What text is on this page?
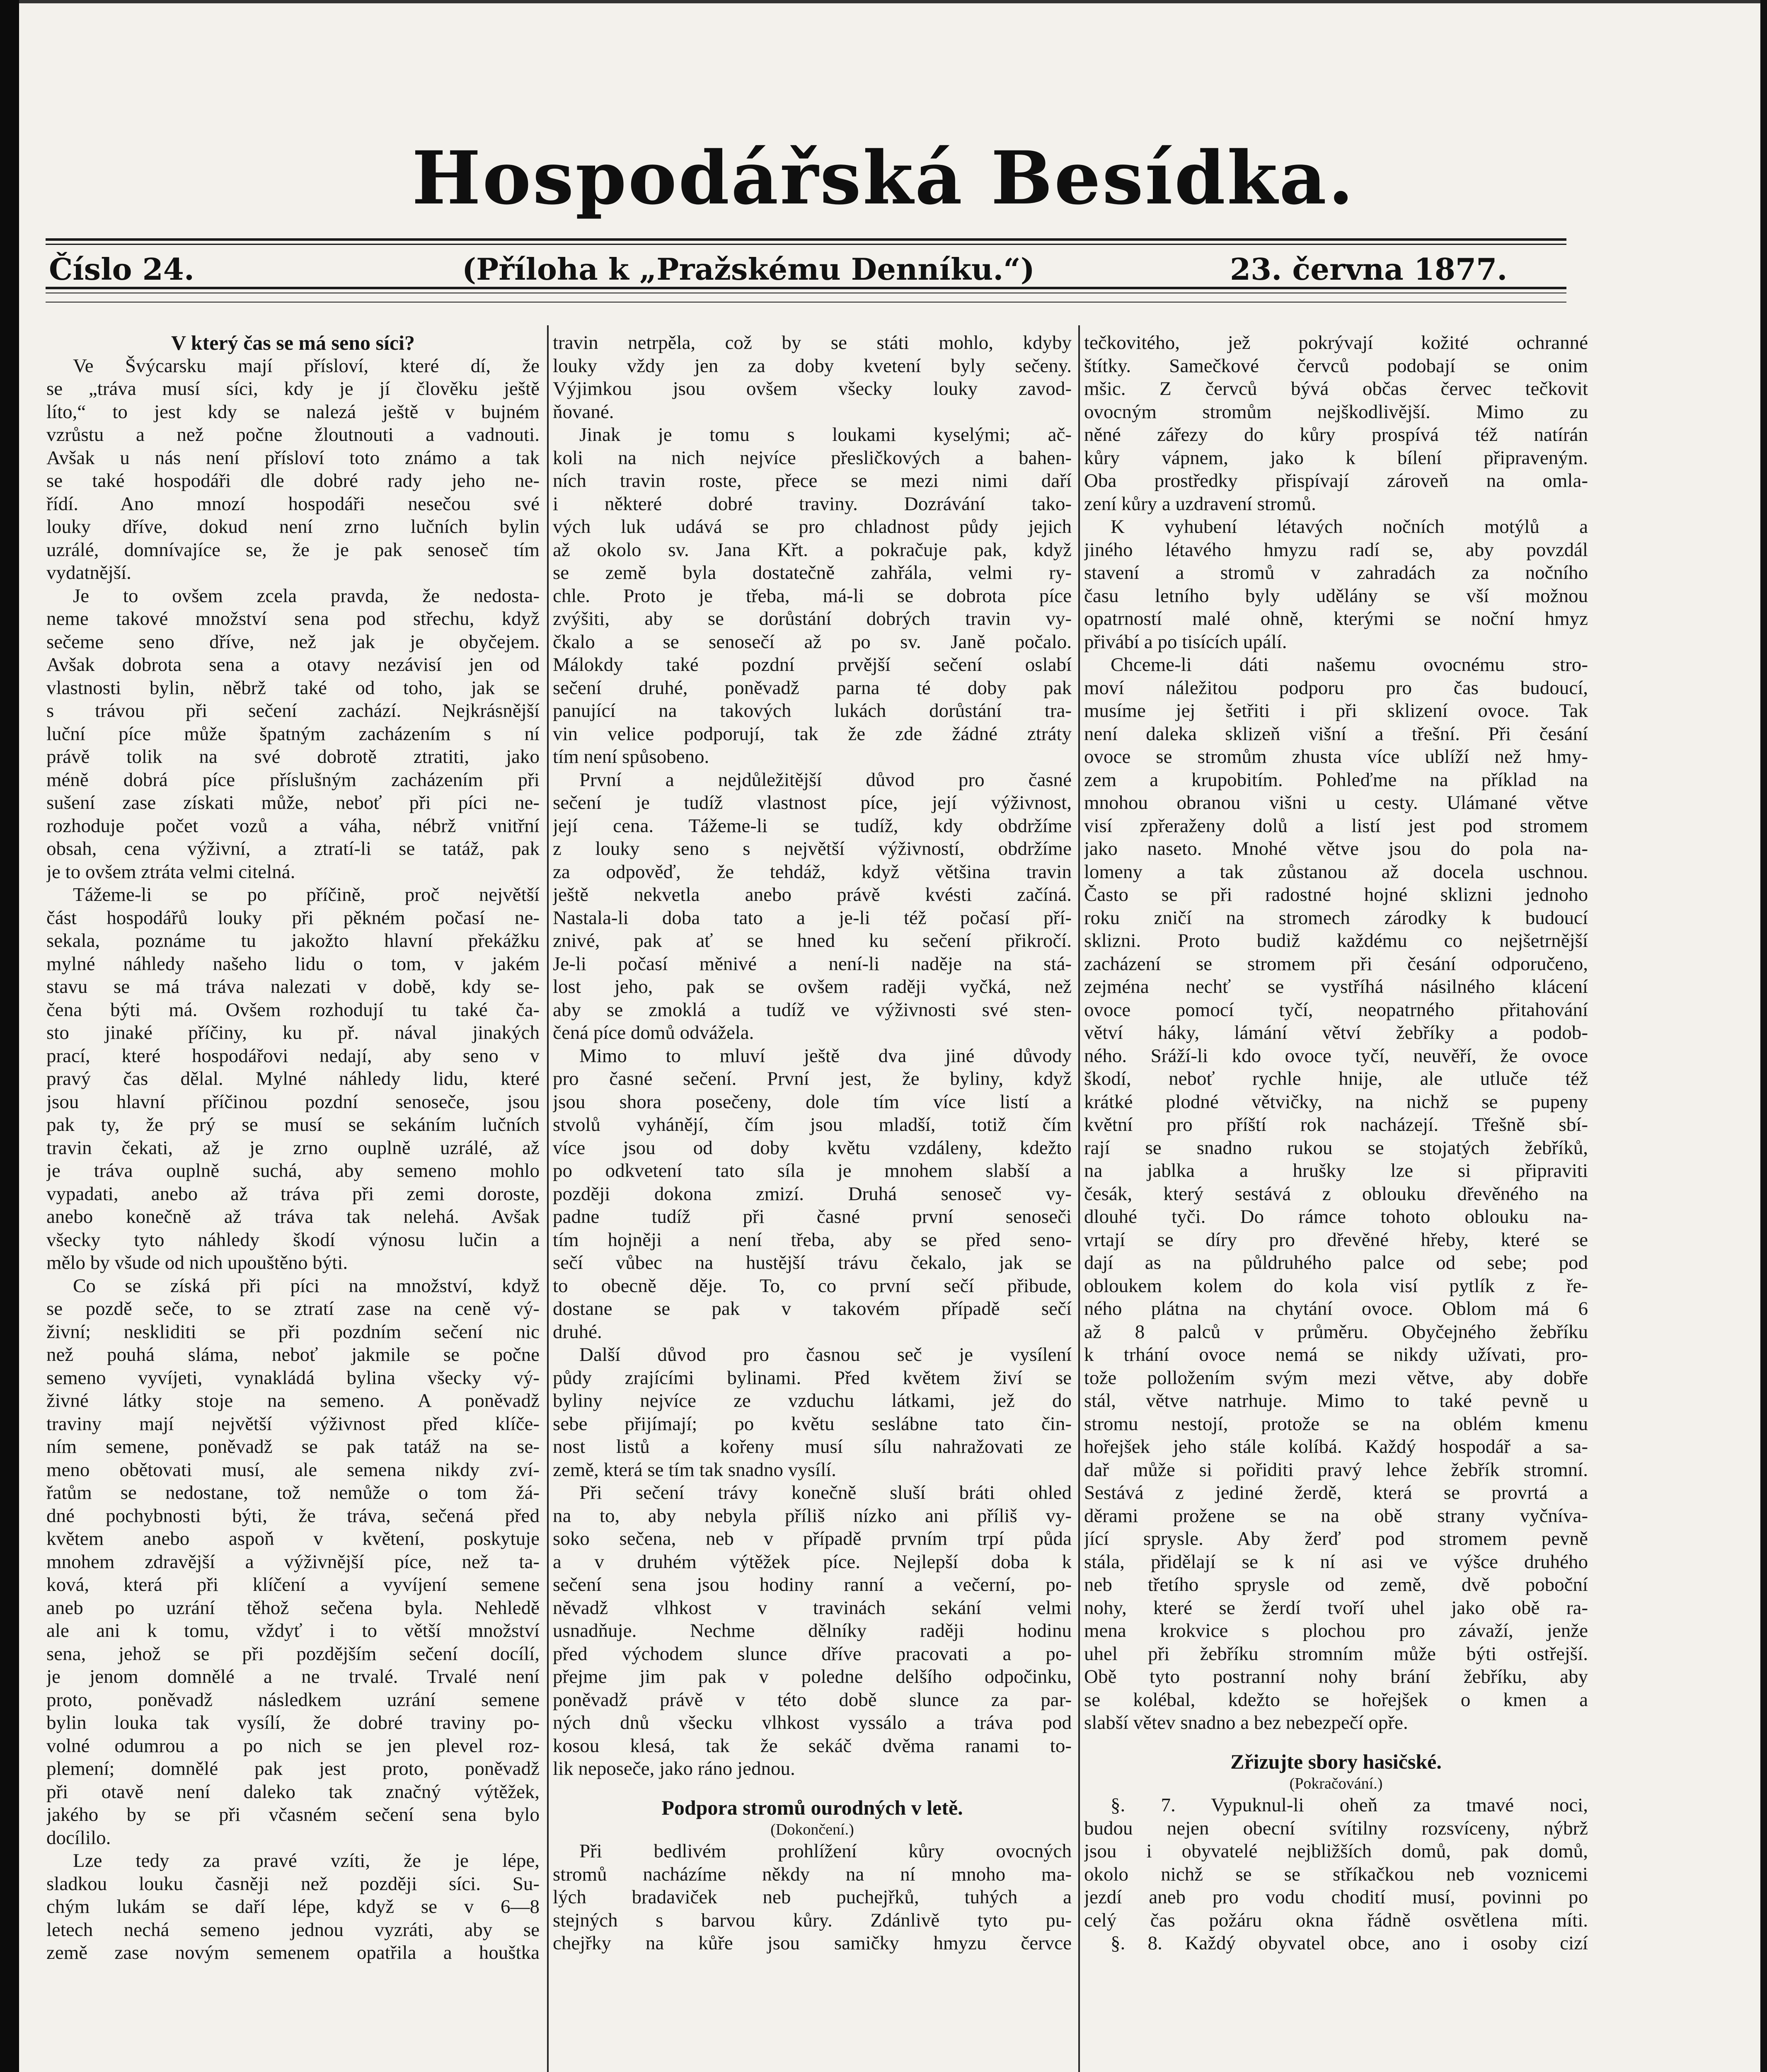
Hospodářská Besídka.
Číslo 24.	(Příloha k „Pražskému Denníku.“)	23. června 1877.
V který čas se má seno síci?
Ve Švýcarsku mají přísloví, které dí, že
se „tráva musí síci, kdy je jí člověku ještě
líto,“ to jest kdy se nalezá ještě v bujném
vzrůstu a než počne žloutnouti a vadnouti.
Avšak u nás není přísloví toto známo a tak
se také hospodáři dle dobré rady jeho ne-
řídí. Ano mnozí hospodáři nesečou své
louky dříve, dokud není zrno lučních bylin
uzrálé, domnívajíce se, že je pak senoseč tím
vydatnější.
Je to ovšem zcela pravda, že nedosta-
neme takové množství sena pod střechu, když
sečeme seno dříve, než jak je obyčejem.
Avšak dobrota sena a otavy nezávisí jen od
vlastnosti bylin, něbrž také od toho, jak se
s trávou při sečení zachází. Nejkrásnější
luční píce může špatným zacházením s ní
právě tolik na své dobrotě ztratiti, jako
méně dobrá píce příslušným zacházením při
sušení zase získati může, neboť při píci ne-
rozhoduje počet vozů a váha, nébrž vnitřní
obsah, cena výživní, a ztratí-li se tatáž, pak
je to ovšem ztráta velmi citelná.
Tážeme-li se po příčině, proč největší
část hospodářů louky při pěkném počasí ne-
sekala, poznáme tu jakožto hlavní překážku
mylné náhledy našeho lidu o tom, v jakém
stavu se má tráva nalezati v době, kdy se-
čena býti má. Ovšem rozhodují tu také ča-
sto jinaké příčiny, ku př. nával jinakých
prací, které hospodářovi nedají, aby seno v
pravý čas dělal. Mylné náhledy lidu, které
jsou hlavní příčinou pozdní senoseče, jsou
pak ty, že prý se musí se sekáním lučních
travin čekati, až je zrno ouplně uzrálé, až
je tráva ouplně suchá, aby semeno mohlo
vypadati, anebo až tráva při zemi doroste,
anebo konečně až tráva tak nelehá. Avšak
všecky tyto náhledy škodí výnosu lučin a
mělo by všude od nich upouštěno býti.
Co se získá při píci na množství, když
se pozdě seče, to se ztratí zase na ceně vý-
živní; neskliditi se při pozdním sečení nic
než pouhá sláma, neboť jakmile se počne
semeno vyvíjeti, vynakládá bylina všecky vý-
živné látky stoje na semeno. A poněvadž
traviny mají největší výživnost před klíče-
ním semene, poněvadž se pak tatáž na se-
meno obětovati musí, ale semena nikdy zví-
řatům se nedostane, tož nemůže o tom žá-
dné pochybnosti býti, že tráva, sečená před
květem anebo aspoň v květení, poskytuje
mnohem zdravější a výživnější píce, než ta-
ková, která při klíčení a vyvíjení semene
aneb po uzrání těhož sečena byla. Nehledě
ale ani k tomu, vždyť i to větší množství
sena, jehož se při pozdějším sečení docílí,
je jenom domnělé a ne trvalé. Trvalé není
proto, poněvadž následkem uzrání semene
bylin louka tak vysílí, že dobré traviny po-
volné odumrou a po nich se jen plevel roz-
plemení; domnělé pak jest proto, poněvadž
při otavě není daleko tak značný výtěžek,
jakého by se při včasném sečení sena bylo
docílilo.
Lze tedy za pravé vzíti, že je lépe,
sladkou louku časněji než později síci. Su-
chým lukám se daří lépe, když se v 6—8
letech nechá semeno jednou vyzráti, aby se
země zase novým semenem opatřila a houštka
travin netrpěla, což by se státi mohlo, kdyby
louky vždy jen za doby kvetení byly sečeny.
Výjimkou jsou ovšem všecky louky zavod-
ňované.
Jinak je tomu s loukami kyselými; ač-
koli na nich nejvíce přesličkových a bahen-
ních travin roste, přece se mezi nimi daří
i některé dobré traviny. Dozrávání tako-
vých luk udává se pro chladnost půdy jejich
až okolo sv. Jana Křt. a pokračuje pak, když
se země byla dostatečně zahřála, velmi ry-
chle. Proto je třeba, má-li se dobrota píce
zvýšiti, aby se dorůstání dobrých travin vy-
čkalo a se senosečí až po sv. Janě počalo.
Málokdy také pozdní prvější sečení oslabí
sečení druhé, poněvadž parna té doby pak
panující na takových lukách dorůstání tra-
vin velice podporují, tak že zde žádné ztráty
tím není spůsobeno.
První a nejdůležitější důvod pro časné
sečení je tudíž vlastnost píce, její výživnost,
její cena. Tážeme-li se tudíž, kdy obdržíme
z louky seno s největší výživností, obdržíme
za odpověď, že tehdáž, když většina travin
ještě nekvetla anebo právě kvésti začíná.
Nastala-li doba tato a je-li též počasí pří-
znivé, pak ať se hned ku sečení přikročí.
Je-li počasí měnivé a není-li naděje na stá-
lost jeho, pak se ovšem raději vyčká, než
aby se zmoklá a tudíž ve výživnosti své sten-
čená píce domů odvážela.
Mimo to mluví ještě dva jiné důvody
pro časné sečení. První jest, že byliny, když
jsou shora posečeny, dole tím více listí a
stvolů vyhánějí, čím jsou mladší, totiž čím
více jsou od doby květu vzdáleny, kdežto
po odkvetení tato síla je mnohem slabší a
později dokona zmizí. Druhá senoseč vy-
padne tudíž při časné první senoseči
tím hojněji a není třeba, aby se před seno-
sečí vůbec na hustější trávu čekalo, jak se
to obecně děje. To, co první sečí přibude,
dostane se pak v takovém případě sečí
druhé.
Další důvod pro časnou seč je vysílení
půdy zrajícími bylinami. Před květem živí se
byliny nejvíce ze vzduchu látkami, jež do
sebe přijímají; po květu seslábne tato čin-
nost listů a kořeny musí sílu nahražovati ze
země, která se tím tak snadno vysílí.
Při sečení trávy konečně sluší bráti ohled
na to, aby nebyla příliš nízko ani příliš vy-
soko sečena, neb v případě prvním trpí půda
a v druhém výtěžek píce. Nejlepší doba k
sečení sena jsou hodiny ranní a večerní, po-
něvadž vlhkost v travinách sekání velmi
usnadňuje. Nechme dělníky raději hodinu
před východem slunce dříve pracovati a po-
přejme jim pak v poledne delšího odpočinku,
poněvadž právě v této době slunce za par-
ných dnů všecku vlhkost vyssálo a tráva pod
kosou klesá, tak že sekáč dvěma ranami to-
lik neposeče, jako ráno jednou.
Podpora stromů ourodných v letě.
(Dokončení.)
Při bedlivém prohlížení kůry ovocných
stromů nacházíme někdy na ní mnoho ma-
lých bradaviček neb puchejřků, tuhých a
stejných s barvou kůry. Zdánlivě tyto pu-
chejřky na kůře jsou samičky hmyzu červce
tečkovitého, jež pokrývají kožité ochranné
štítky. Samečkové červců podobají se onim
mšic. Z červců bývá občas červec tečkovit
ovocným stromům nejškodlivější. Mimo zu
něné zářezy do kůry prospívá též natírán
kůry vápnem, jako k bílení připraveným.
Oba prostředky přispívají zároveň na omla-
zení kůry a uzdravení stromů.
K vyhubení létavých nočních motýlů a
jiného létavého hmyzu radí se, aby povzdál
stavení a stromů v zahradách za nočního
času letního byly udělány se vší možnou
opatrností malé ohně, kterými se noční hmyz
přivábí a po tisících upálí.
Chceme-li dáti našemu ovocnému stro-
moví náležitou podporu pro čas budoucí,
musíme jej šetřiti i při sklizení ovoce. Tak
není daleka sklizeň višní a třešní. Při česání
ovoce se stromům zhusta více ublíží než hmy-
zem a krupobitím. Pohleďme na příklad na
mnohou obranou višni u cesty. Ulámané větve
visí zpřeraženy dolů a listí jest pod stromem
jako naseto. Mnohé větve jsou do pola na-
lomeny a tak zůstanou až docela uschnou.
Často se při radostné hojné sklizni jednoho
roku zničí na stromech zárodky k budoucí
sklizni. Proto budiž každému co nejšetrnější
zacházení se stromem při česání odporučeno,
zejména nechť se vystříhá násilného klácení
ovoce pomocí tyčí, neopatrného přitahování
větví háky, lámání větví žebříky a podob-
ného. Sráží-li kdo ovoce tyčí, neuvěří, že ovoce
škodí, neboť rychle hnije, ale utluče též
krátké plodné větvičky, na nichž se pupeny
květní pro příští rok nacházejí. Třešně sbí-
rají se snadno rukou se stojatých žebříků,
na jablka a hrušky lze si připraviti
česák, který sestává z oblouku dřevěného na
dlouhé tyči. Do rámce tohoto oblouku na-
vrtají se díry pro dřevěné hřeby, které se
dají as na půldruhého palce od sebe; pod
obloukem kolem do kola visí pytlík z ře-
ného plátna na chytání ovoce. Oblom má 6
až 8 palců v průměru. Obyčejného žebříku
k trhání ovoce nemá se nikdy užívati, pro-
tože polložením svým mezi větve, aby dobře
stál, větve natrhuje. Mimo to také pevně u
stromu nestojí, protože se na oblém kmenu
hořejšek jeho stále kolíbá. Každý hospodář a sa-
dař může si pořiditi pravý lehce žebřík stromní.
Sestává z jediné žerdě, která se provrtá a
děrami prožene se na obě strany vyčníva-
jící sprysle. Aby žerď pod stromem pevně
stála, přidělají se k ní asi ve výšce druhého
neb třetího sprysle od země, dvě poboční
nohy, které se žerdí tvoří uhel jako obě ra-
mena krokvice s plochou pro závaží, jenže
uhel při žebříku stromním může býti ostřejší.
Obě tyto postranní nohy brání žebříku, aby
se kolébal, kdežto se hořejšek o kmen a
slabší větev snadno a bez nebezpečí opře.
Zřizujte sbory hasičské.
(Pokračování.)
§. 7. Vypuknul-li oheň za tmavé noci,
budou nejen obecní svítilny rozsvíceny, nýbrž
jsou i obyvatelé nejbližších domů, pak domů,
okolo nichž se se stříkačkou neb voznicemi
jezdí aneb pro vodu chodití musí, povinni po
celý čas požáru okna řádně osvětlena míti.
§. 8. Každý obyvatel obce, ano i osoby cizí
